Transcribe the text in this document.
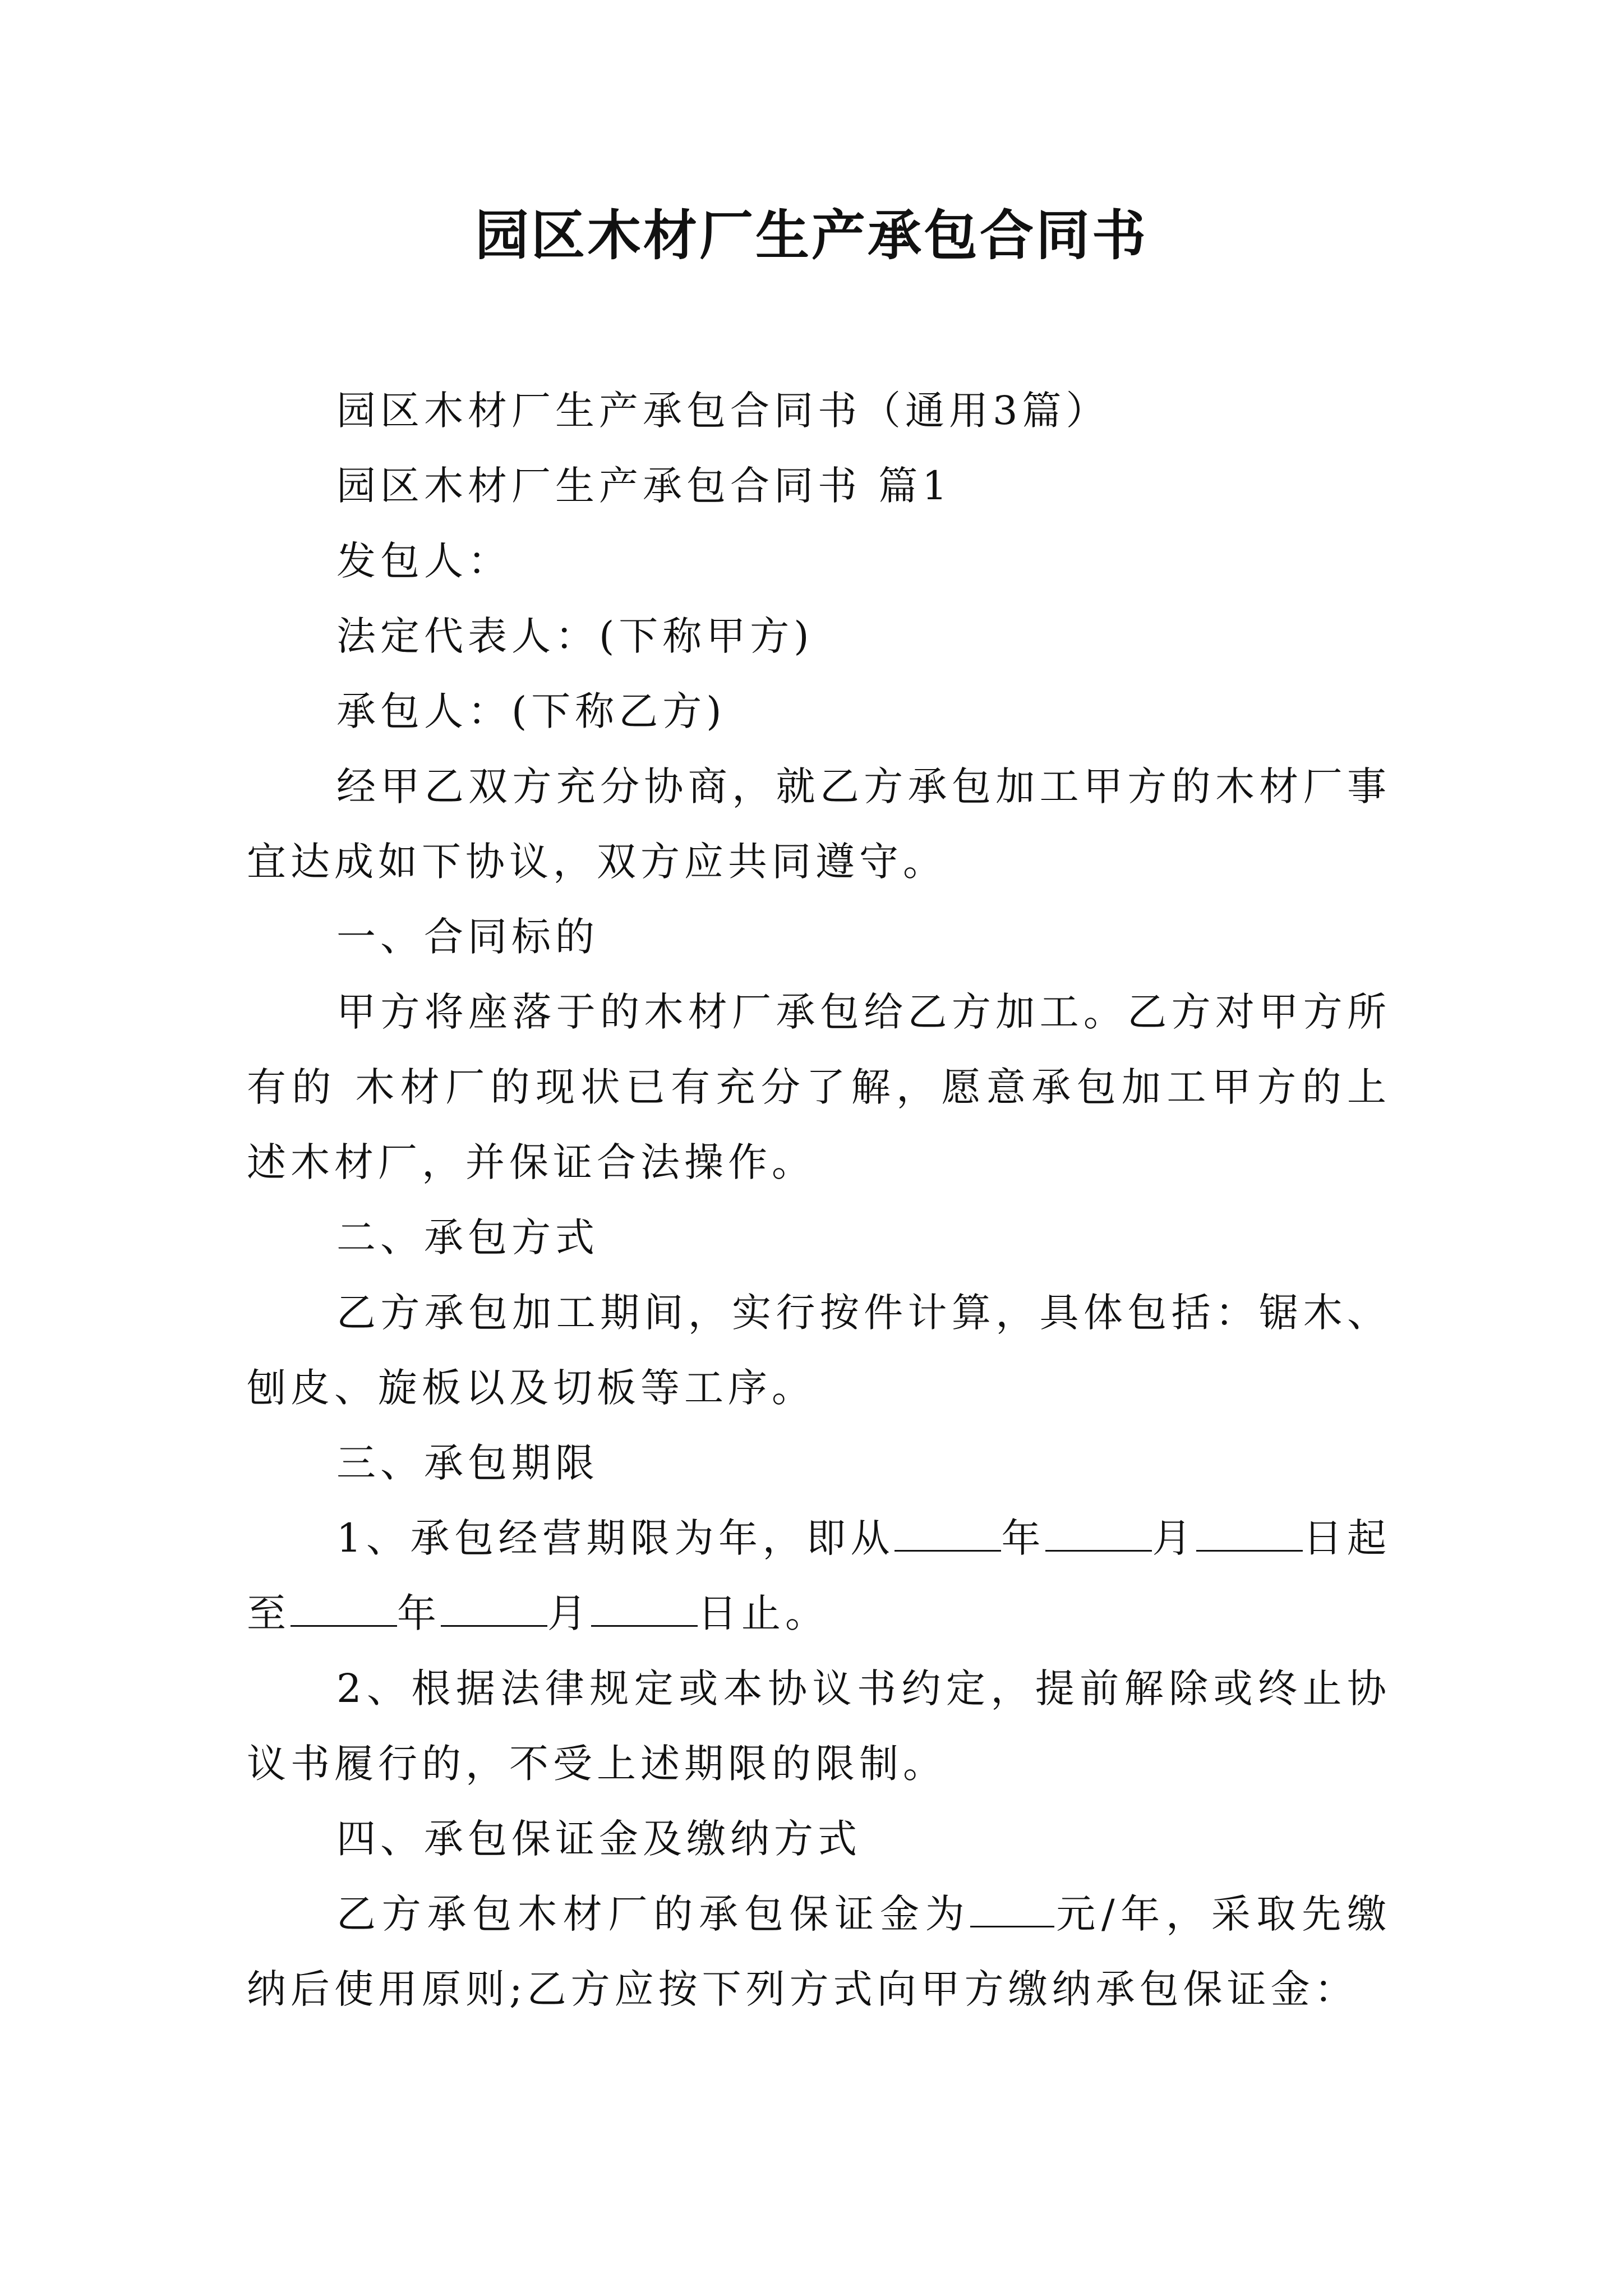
园区木材厂生产承包合同书

园区木材厂生产承包合同书（通用3篇）

园区木材厂生产承包合同书 篇1

发包人：

法定代表人：(下称甲方)

承包人：(下称乙方)

经甲乙双方充分协商，就乙方承包加工甲方的木材厂事宜达成如下协议，双方应共同遵守。

一、合同标的

甲方将座落于的木材厂承包给乙方加工。乙方对甲方所有的 木材厂的现状已有充分了解，愿意承包加工甲方的上述木材厂，并保证合法操作。

二、承包方式

乙方承包加工期间，实行按件计算，具体包括：锯木、刨皮、旋板以及切板等工序。

三、承包期限

1、承包经营期限为年，即从	年	月	日起至	年	月	日止。

2、根据法律规定或本协议书约定，提前解除或终止协议书履行的，不受上述期限的限制。

四、承包保证金及缴纳方式

乙方承包木材厂的承包保证金为 元/年，采取先缴纳后使用原则;乙方应按下列方式向甲方缴纳承包保证金：
